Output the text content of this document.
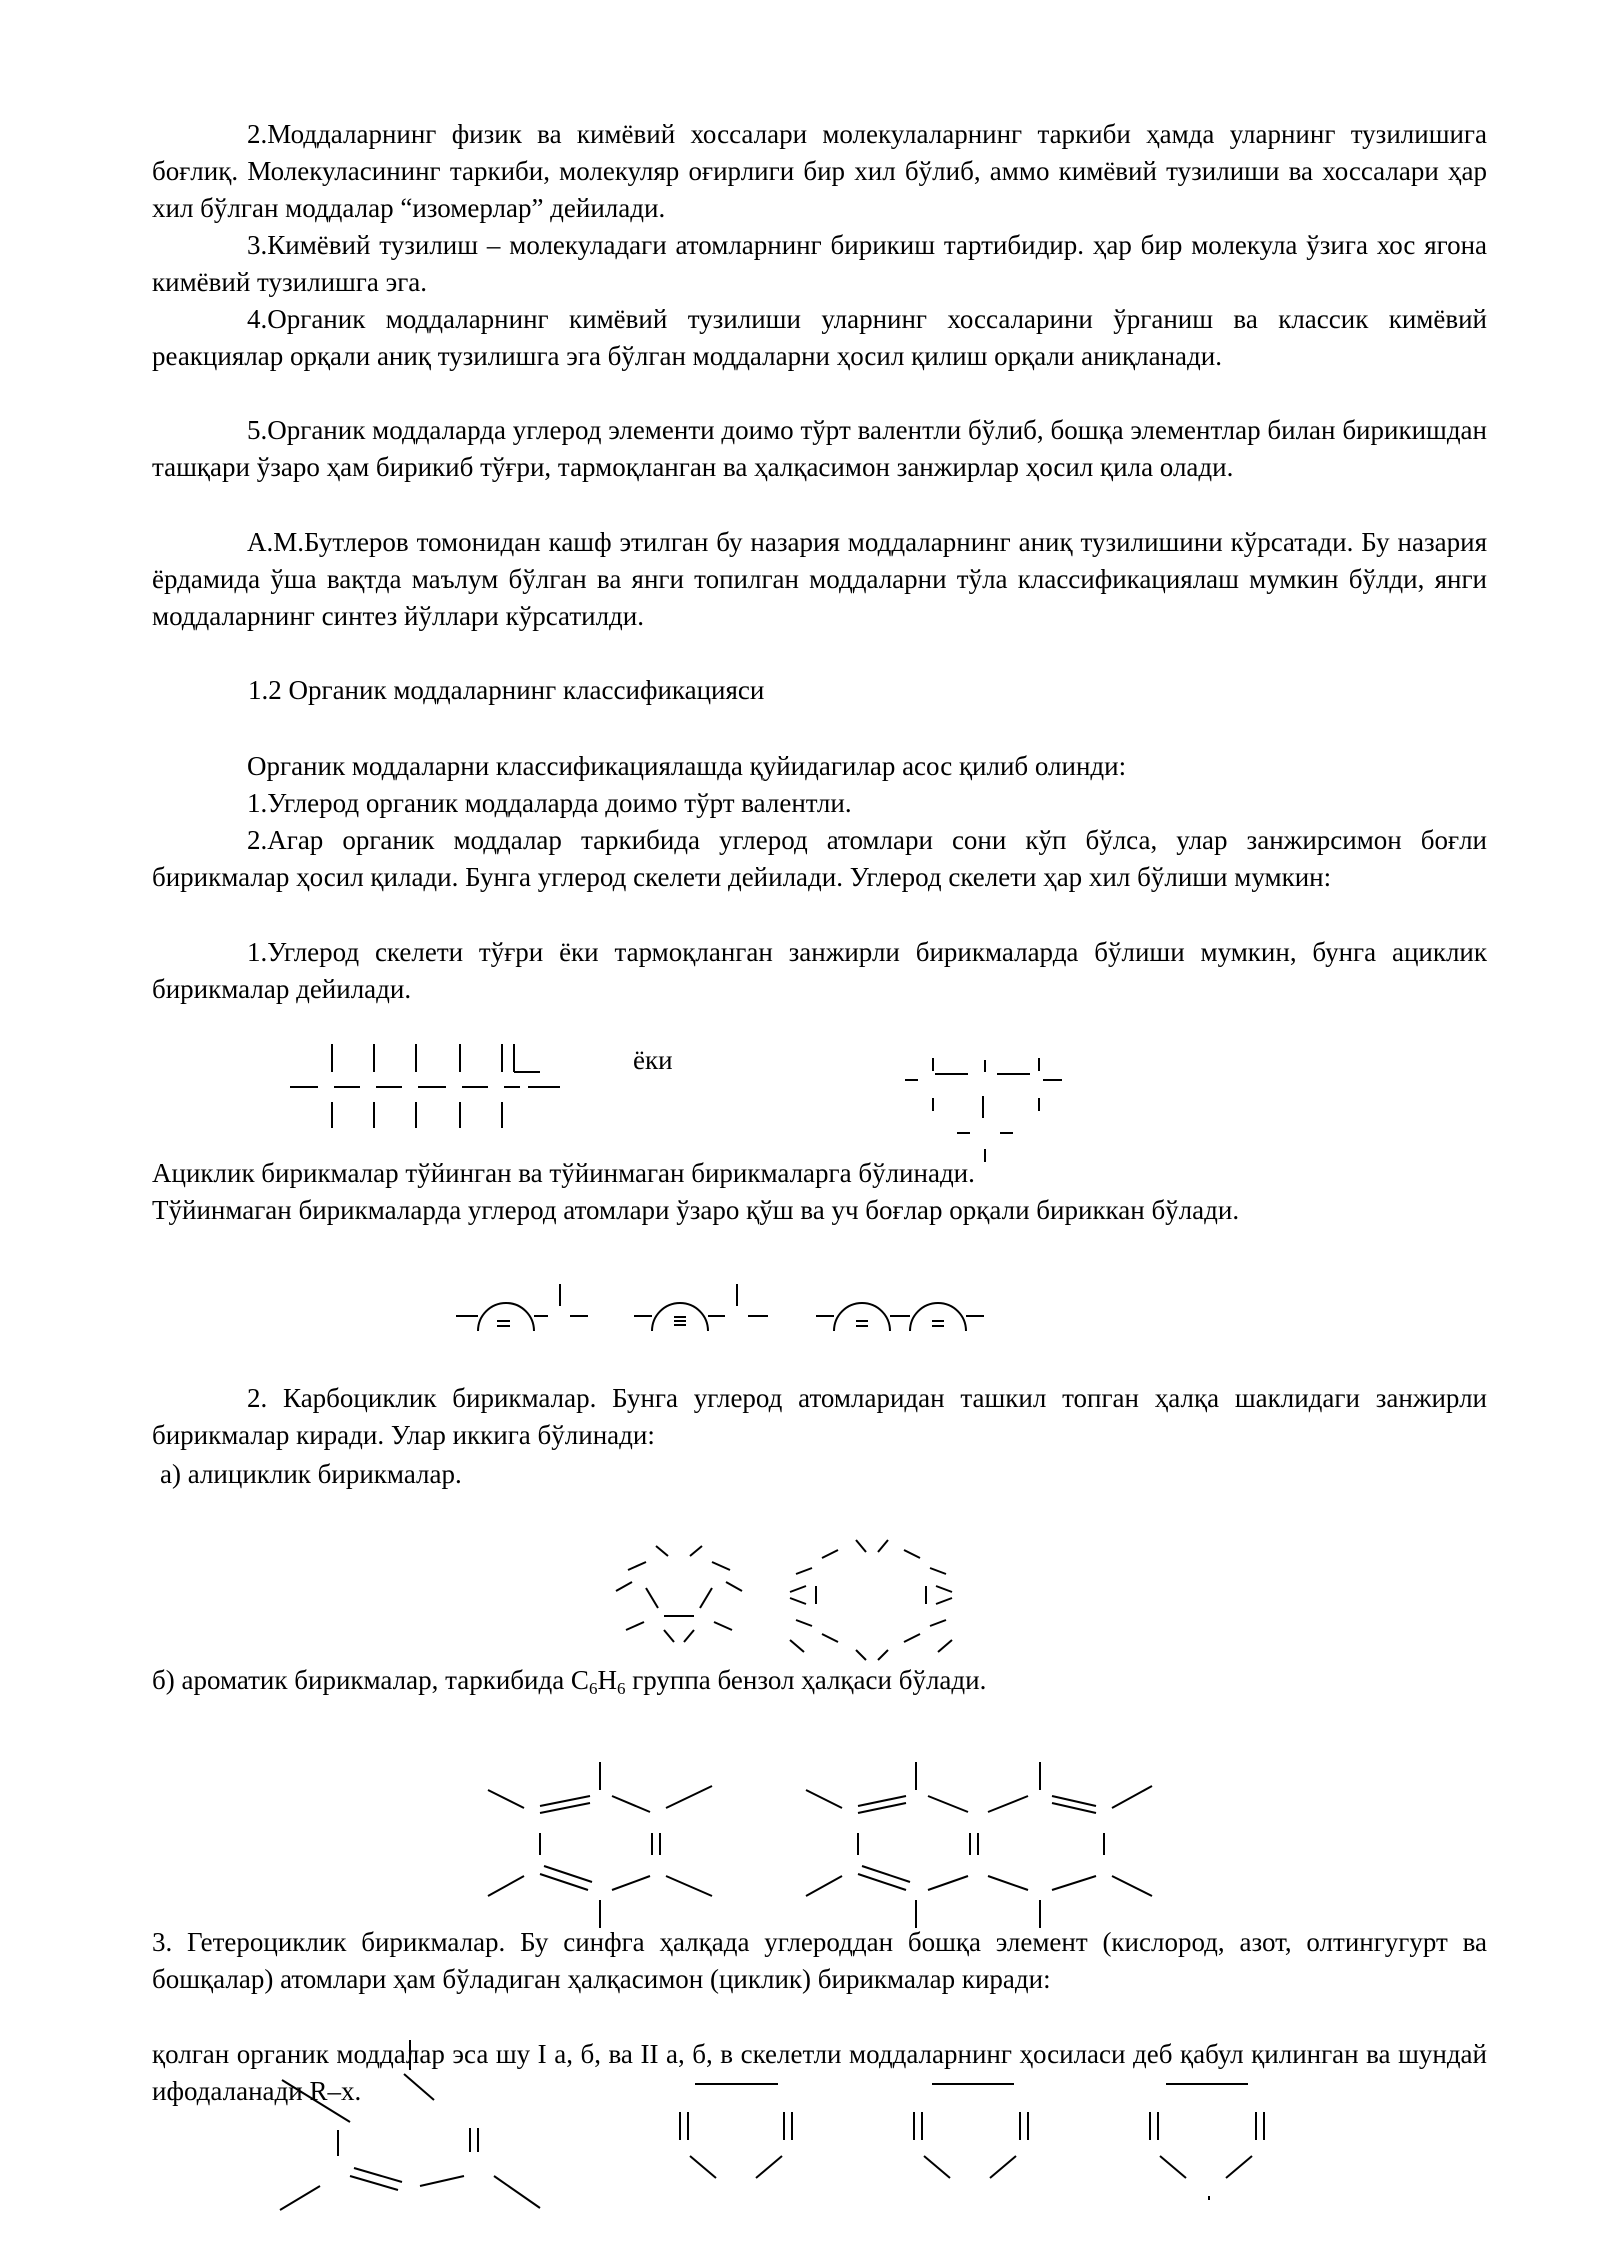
2.Моддаларнинг физик ва кимёвий хоссалари молекулаларнинг таркиби ҳамда уларнинг тузилишига боғлиқ. Молекуласининг таркиби, молекуляр оғирлиги бир хил бўлиб, аммо кимёвий тузилиши ва хоссалари ҳар хил бўлган моддалар “изомерлар” дейилади.

3.Кимёвий тузилиш – молекуладаги атомларнинг бирикиш тартибидир. ҳар бир молекула ўзига хос ягона кимёвий тузилишга эга.

4.Органик моддаларнинг кимёвий тузилиши уларнинг хоссаларини ўрганиш ва классик кимёвий реакциялар орқали аниқ тузилишга эга бўлган моддаларни ҳосил қилиш орқали аниқланади.

5.Органик моддаларда углерод элементи доимо тўрт валентли бўлиб, бошқа элементлар билан бирикишдан ташқари ўзаро ҳам бирикиб тўғри, тармоқланган ва ҳалқасимон занжирлар ҳосил қила олади.

А.М.Бутлеров томонидан кашф этилган бу назария моддаларнинг аниқ тузилишини кўрсатади. Бу назария ёрдамида ўша вақтда маълум бўлган ва янги топилган моддаларни тўла классификациялаш мумкин бўлди, янги моддаларнинг синтез йўллари кўрсатилди.

1.2 Органик моддаларнинг классификацияси

Органик моддаларни классификациялашда қуйидагилар асос қилиб олинди:

1.Углерод органик моддаларда доимо тўрт валентли.

2.Агар органик моддалар таркибида углерод атомлари сони кўп бўлса, улар занжирсимон боғли бирикмалар ҳосил қилади. Бунга углерод скелети дейилади. Углерод скелети ҳар хил бўлиши мумкин:

1.Углерод скелети тўғри ёки тармоқланган занжирли бирикмаларда бўлиши мумкин, бунга ациклик бирикмалар дейилади.

ёки

Ациклик бирикмалар тўйинган ва тўйинмаган бирикмаларга бўлинади.

Тўйинмаган бирикмаларда углерод атомлари ўзаро қўш ва уч боғлар орқали бириккан бўлади.

2. Карбоциклик бирикмалар. Бунга углерод атомларидан ташкил топган ҳалқа шаклидаги занжирли бирикмалар киради. Улар иккига бўлинади:

а) алициклик бирикмалар.

б) ароматик бирикмалар, таркибида $С_6Н_6$ группа бензол ҳалқаси бўлади.

3. Гетероциклик бирикмалар. Бу синфга ҳалқада углероддан бошқа элемент (кислород, азот, олтингугурт ва бошқалар) атомлари ҳам бўладиган ҳалқасимон (циклик) бирикмалар киради:

қолган органик моддалар эса шу I а, б, ва II а, б, в скелетли моддаларнинг ҳосиласи деб қабул қилинган ва шундай ифодаланади R–x.
